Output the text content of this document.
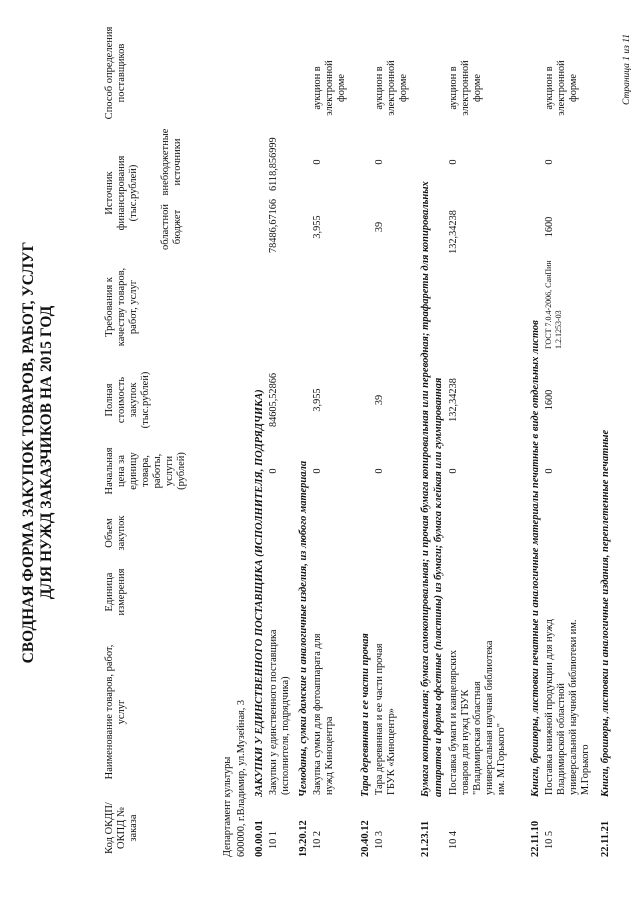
СВОДНАЯ ФОРМА ЗАКУПОК ТОВАРОВ, РАБОТ, УСЛУГ ДЛЯ НУЖД ЗАКАЗЧИКОВ НА 2015 ГОД
Код ОКДП/ ОКПД № заказа
Наименование товаров, работ, услуг
Единица измерения
Объем закупок
Начальная цена за единицу товара, работы, услуги (рублей)
Полная стоимость закупок (тыс.рублей)
Требования к качеству товаров, работ, услуг
Источник финансирования (тыс.рублей)
областной бюджет
внебюджетные источники
Способ определения поставщиков
Департамент культуры 600000, г.Владимир, ул.Музейная, 3 00.00.01
ЗАКУПКИ У ЕДИНСТВЕННОГО ПОСТАВЩИКА (ИСПОЛНИТЕЛЯ, ПОДРЯДЧИКА)
10 1
Закупки у единственного поставщика (исполнителя, подрядчика)
0
84605,52866
78486,67166
6118,856999
19.20.12
Чемоданы, сумки дамские и аналогичные изделия, из любого материала
10 2
Закупка сумки для фотоаппарата для нужд Киноцентра
0
3,955
3,955
0
аукцион в электронной форме
20.40.12
Тара деревянная и ее части прочая
10 3
Тара деревянная и ее части прочая ГБУК «Киноцентр»
0
39
39
0
аукцион в электронной форме
21.23.11
Бумага копировальная; бумага самокопировальная; и прочая бумага копировальная или переводная; трафареты для копировальных аппаратов и формы офсетные (пластины) из бумаги; бумага клейкая или гуммированная
10 4
Поставка бумаги и канцелярских товаров для нужд ГБУК "Владимирская областная универсальная научная библиотека им. М.Горького"
0
132,34238
132,34238
0
аукцион в электронной форме
22.11.10
Книги, брошюры, листовки печатные и аналогичные материалы печатные в виде отдельных листов
10 5
Поставка книжной продукции для нужд Владимирской областной универсальной научной библиотеки им. М.Горького
0
1600
ГОСТ 7.0.4-2006, СанПин 1.2.1253-03
1600
0
аукцион в электронной форме
22.11.21
Книги, брошюры, листовки и аналогичные издания, переплетенные печатные
Страница 1 из 11
